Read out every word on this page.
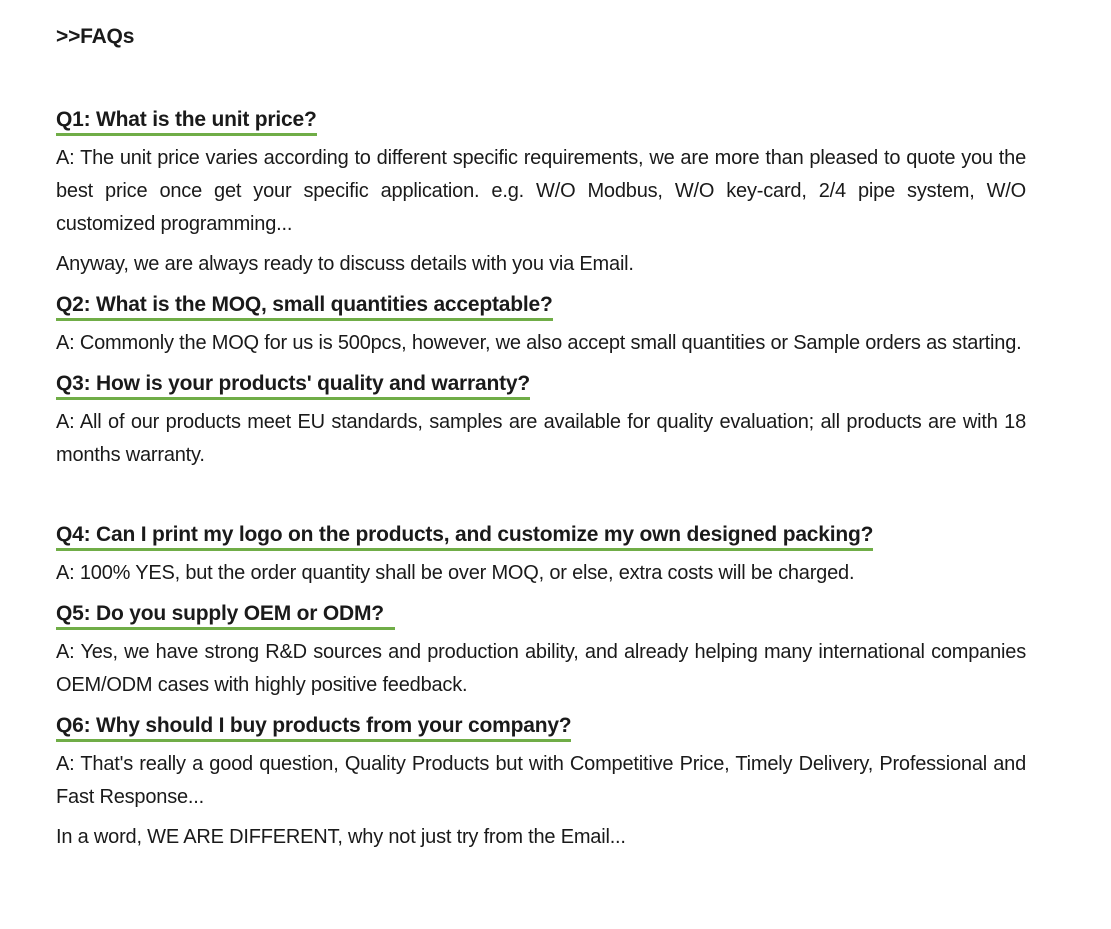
>>FAQs
Q1: What is the unit price?

A: The unit price varies according to different specific requirements, we are more than pleased to quote you the best price once get your specific application. e.g. W/O Modbus, W/O key-card, 2/4 pipe system, W/O customized programming...

Anyway, we are always ready to discuss details with you via Email.

Q2: What is the MOQ, small quantities acceptable?

A: Commonly the MOQ for us is 500pcs, however, we also accept small quantities or Sample orders as starting.

Q3: How is your products' quality and warranty?

A: All of our products meet EU standards, samples are available for quality evaluation; all products are with 18 months warranty.

Q4: Can I print my logo on the products, and customize my own designed packing?

A: 100% YES, but the order quantity shall be over MOQ, or else, extra costs will be charged.

Q5: Do you supply OEM or ODM?

A: Yes, we have strong R&D sources and production ability, and already helping many international companies OEM/ODM cases with highly positive feedback.

Q6: Why should I buy products from your company?

A: That's really a good question, Quality Products but with Competitive Price, Timely Delivery, Professional and Fast Response...

In a word, WE ARE DIFFERENT, why not just try from the Email...
